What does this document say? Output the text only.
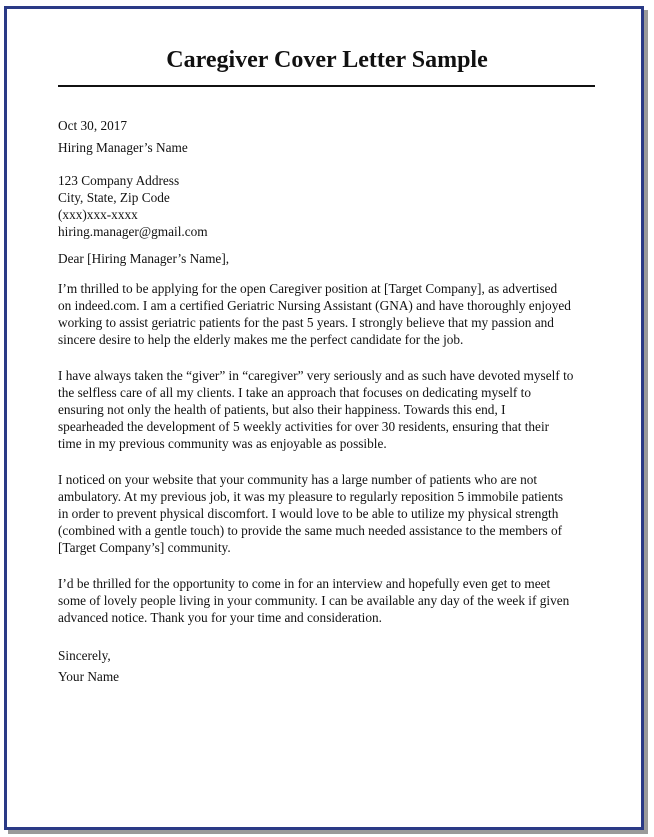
Caregiver Cover Letter Sample
Oct 30, 2017
Hiring Manager’s Name
123 Company Address
City, State, Zip Code
(xxx)xxx-xxxx
hiring.manager@gmail.com
Dear [Hiring Manager’s Name],

I’m thrilled to be applying for the open Caregiver position at [Target Company], as advertised
on indeed.com. I am a certified Geriatric Nursing Assistant (GNA) and have thoroughly enjoyed
working to assist geriatric patients for the past 5 years. I strongly believe that my passion and
sincere desire to help the elderly makes me the perfect candidate for the job.

I have always taken the “giver” in “caregiver” very seriously and as such have devoted myself to
the selfless care of all my clients. I take an approach that focuses on dedicating myself to
ensuring not only the health of patients, but also their happiness. Towards this end, I
spearheaded the development of 5 weekly activities for over 30 residents, ensuring that their
time in my previous community was as enjoyable as possible.

I noticed on your website that your community has a large number of patients who are not
ambulatory. At my previous job, it was my pleasure to regularly reposition 5 immobile patients
in order to prevent physical discomfort. I would love to be able to utilize my physical strength
(combined with a gentle touch) to provide the same much needed assistance to the members of
[Target Company’s] community.

I’d be thrilled for the opportunity to come in for an interview and hopefully even get to meet
some of lovely people living in your community. I can be available any day of the week if given
advanced notice. Thank you for your time and consideration.

Sincerely,
Your Name
